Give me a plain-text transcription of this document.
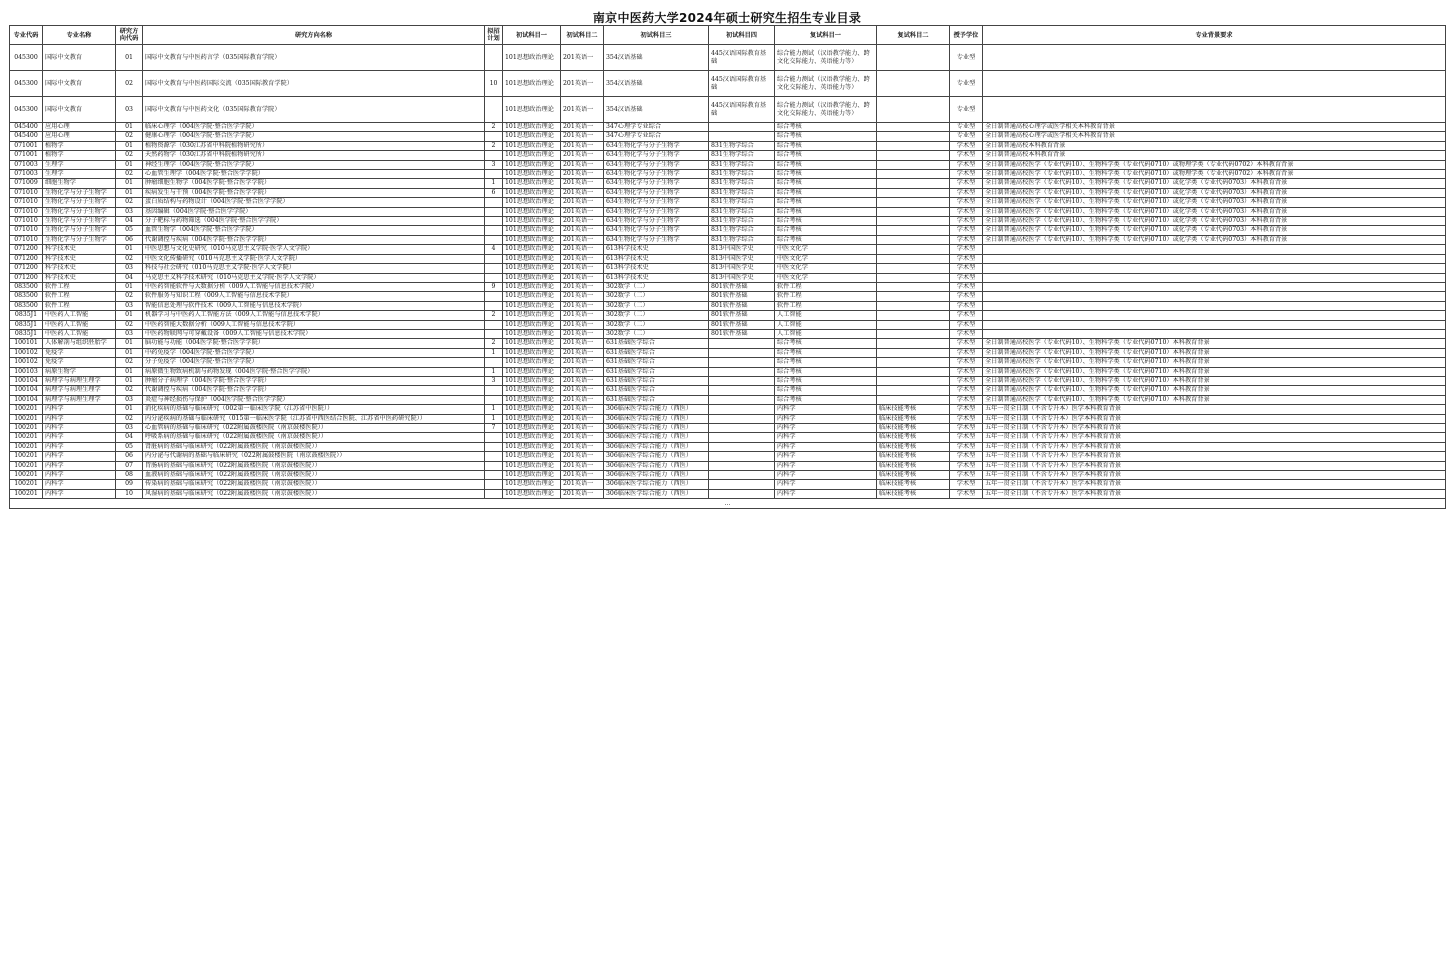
南京中医药大学2024年硕士研究生招生专业目录
专业代码	专业名称	研究方向代码	研究方向名称	拟招计划	初试科目一	初试科目二	初试科目三	初试科目四	复试科目一	复试科目二	授予学位	专业背景要求
045300	国际中文教育	01	国际中文教育与中医药言学（035国际教育学院）		101思想政治理论	201英语一	354汉语基础	445汉语国际教育基础	综合能力测试（汉语教学能力、跨文化交际能力、英语能力等）		专业型	
045300	国际中文教育	02	国际中文教育与中医药国际交流（035国际教育学院）	10	101思想政治理论	201英语一	354汉语基础	445汉语国际教育基础	综合能力测试（汉语教学能力、跨文化交际能力、英语能力等）		专业型	
045300	国际中文教育	03	国际中文教育与中医药文化（035国际教育学院）		101思想政治理论	201英语一	354汉语基础	445汉语国际教育基础	综合能力测试（汉语教学能力、跨文化交际能力、英语能力等）		专业型	
045400	应用心理	01	临床心理学（004医学院·整合医学学院）	2	101思想政治理论	201英语一	347心理学专业综合		综合考核		专业型	全日制普通高校心理学或医学相关本科教育背景
045400	应用心理	02	健康心理学（004医学院·整合医学学院）		101思想政治理论	201英语一	347心理学专业综合		综合考核		专业型	全日制普通高校心理学或医学相关本科教育背景
071001	植物学	01	植物资源学（030江苏省中科院植物研究所）	2	101思想政治理论	201英语一	634生物化学与分子生物学	831生物学综合	综合考核		学术型	全日制普通高校本科教育背景
071001	植物学	02	天然药物学（030江苏省中科院植物研究所）		101思想政治理论	201英语一	634生物化学与分子生物学	831生物学综合	综合考核		学术型	全日制普通高校本科教育背景
071003	生理学	01	神经生理学（004医学院·整合医学学院）	3	101思想政治理论	201英语一	634生物化学与分子生物学	831生物学综合	综合考核		学术型	全日制普通高校医学（专业代码10）、生物科学类（专业代码0710）或物理学类（专业代码0702）本科教育背景
071003	生理学	02	心血管生理学（004医学院·整合医学学院）		101思想政治理论	201英语一	634生物化学与分子生物学	831生物学综合	综合考核		学术型	全日制普通高校医学（专业代码10）、生物科学类（专业代码0710）或物理学类（专业代码0702）本科教育背景
071009	细胞生物学	01	肿瘤细胞生物学（004医学院·整合医学学院）	1	101思想政治理论	201英语一	634生物化学与分子生物学	831生物学综合	综合考核		学术型	全日制普通高校医学（专业代码10）、生物科学类（专业代码0710）或化学类（专业代码0703）本科教育背景
071010	生物化学与分子生物学	01	疾病发生与干预（004医学院·整合医学学院）	6	101思想政治理论	201英语一	634生物化学与分子生物学	831生物学综合	综合考核		学术型	全日制普通高校医学（专业代码10）、生物科学类（专业代码0710）或化学类（专业代码0703）本科教育背景
071010	生物化学与分子生物学	02	蛋白质结构与药物设计（004医学院·整合医学学院）		101思想政治理论	201英语一	634生物化学与分子生物学	831生物学综合	综合考核		学术型	全日制普通高校医学（专业代码10）、生物科学类（专业代码0710）或化学类（专业代码0703）本科教育背景
071010	生物化学与分子生物学	03	基因编辑（004医学院·整合医学学院）		101思想政治理论	201英语一	634生物化学与分子生物学	831生物学综合	综合考核		学术型	全日制普通高校医学（专业代码10）、生物科学类（专业代码0710）或化学类（专业代码0703）本科教育背景
071010	生物化学与分子生物学	04	分子靶标与药物筛选（004医学院·整合医学学院）		101思想政治理论	201英语一	634生物化学与分子生物学	831生物学综合	综合考核		学术型	全日制普通高校医学（专业代码10）、生物科学类（专业代码0710）或化学类（专业代码0703）本科教育背景
071010	生物化学与分子生物学	05	血管生物学（004医学院·整合医学学院）		101思想政治理论	201英语一	634生物化学与分子生物学	831生物学综合	综合考核		学术型	全日制普通高校医学（专业代码10）、生物科学类（专业代码0710）或化学类（专业代码0703）本科教育背景
071010	生物化学与分子生物学	06	代谢调控与疾病（004医学院·整合医学学院）		101思想政治理论	201英语一	634生物化学与分子生物学	831生物学综合	综合考核		学术型	全日制普通高校医学（专业代码10）、生物科学类（专业代码0710）或化学类（专业代码0703）本科教育背景
071200	科学技术史	01	中医思想与文化史研究（010马克思主义学院·医学人文学院）	4	101思想政治理论	201英语一	613科学技术史	813中国医学史	中医文化学		学术型	
071200	科学技术史	02	中医文化传播研究（010马克思主义学院·医学人文学院）		101思想政治理论	201英语一	613科学技术史	813中国医学史	中医文化学		学术型	
071200	科学技术史	03	科技与社会研究（010马克思主义学院·医学人文学院）		101思想政治理论	201英语一	613科学技术史	813中国医学史	中医文化学		学术型	
071200	科学技术史	04	马克思主义科学技术研究（010马克思主义学院·医学人文学院）		101思想政治理论	201英语一	613科学技术史	813中国医学史	中医文化学		学术型	
083500	软件工程	01	中医药智能软件与大数据分析（009人工智能与信息技术学院）	9	101思想政治理论	201英语一	302数学（二）	801软件基础	软件工程		学术型	
083500	软件工程	02	软件服务与知识工程（009人工智能与信息技术学院）		101思想政治理论	201英语一	302数学（二）	801软件基础	软件工程		学术型	
083500	软件工程	03	智能信息处理与软件技术（009人工智能与信息技术学院）		101思想政治理论	201英语一	302数学（二）	801软件基础	软件工程		学术型	
0835J1	中医药人工智能	01	机器学习与中医药人工智能方法（009人工智能与信息技术学院）	2	101思想政治理论	201英语一	302数学（二）	801软件基础	人工智能		学术型	
0835J1	中医药人工智能	02	中医药智能大数据分析（009人工智能与信息技术学院）		101思想政治理论	201英语一	302数学（二）	801软件基础	人工智能		学术型	
0835J1	中医药人工智能	03	中医药物联网与可穿戴设备（009人工智能与信息技术学院）		101思想政治理论	201英语一	302数学（二）	801软件基础	人工智能		学术型	
100101	人体解剖与组织胚胎学	01	脑功能与功能（004医学院·整合医学学院）	2	101思想政治理论	201英语一	631基础医学综合		综合考核		学术型	全日制普通高校医学（专业代码10）、生物科学类（专业代码0710）本科教育背景
100102	免疫学	01	中药免疫学（004医学院·整合医学学院）	1	101思想政治理论	201英语一	631基础医学综合		综合考核		学术型	全日制普通高校医学（专业代码10）、生物科学类（专业代码0710）本科教育背景
100102	免疫学	02	分子免疫学（004医学院·整合医学学院）		101思想政治理论	201英语一	631基础医学综合		综合考核		学术型	全日制普通高校医学（专业代码10）、生物科学类（专业代码0710）本科教育背景
100103	病原生物学	01	病原微生物致病机制与药物发现（004医学院·整合医学学院）	1	101思想政治理论	201英语一	631基础医学综合		综合考核		学术型	全日制普通高校医学（专业代码10）、生物科学类（专业代码0710）本科教育背景
100104	病理学与病理生理学	01	肿瘤分子病理学（004医学院·整合医学学院）	3	101思想政治理论	201英语一	631基础医学综合		综合考核		学术型	全日制普通高校医学（专业代码10）、生物科学类（专业代码0710）本科教育背景
100104	病理学与病理生理学	02	代谢调控与疾病（004医学院·整合医学学院）		101思想政治理论	201英语一	631基础医学综合		综合考核		学术型	全日制普通高校医学（专业代码10）、生物科学类（专业代码0710）本科教育背景
100104	病理学与病理生理学	03	炎症与神经损伤与保护（004医学院·整合医学学院）		101思想政治理论	201英语一	631基础医学综合		综合考核		学术型	全日制普通高校医学（专业代码10）、生物科学类（专业代码0710）本科教育背景
100201	内科学	01	消化疾病的基础与临床研究（002第一临床医学院（江苏省中医院））	1	101思想政治理论	201英语一	306临床医学综合能力（西医）		内科学	临床技能考核	学术型	五年一贯全日制（不含专升本）医学本科教育背景
100201	内科学	02	内分泌疾病的基础与临床研究（015第一临床医学院（江苏省中西医结合医院、江苏省中医药研究院））	1	101思想政治理论	201英语一	306临床医学综合能力（西医）		内科学	临床技能考核	学术型	五年一贯全日制（不含专升本）医学本科教育背景
100201	内科学	03	心血管病的基础与临床研究（022附属鼓楼医院（南京鼓楼医院））	7	101思想政治理论	201英语一	306临床医学综合能力（西医）		内科学	临床技能考核	学术型	五年一贯全日制（不含专升本）医学本科教育背景
100201	内科学	04	呼吸系病的基础与临床研究（022附属鼓楼医院（南京鼓楼医院））		101思想政治理论	201英语一	306临床医学综合能力（西医）		内科学	临床技能考核	学术型	五年一贯全日制（不含专升本）医学本科教育背景
100201	内科学	05	肾脏病的基础与临床研究（022附属鼓楼医院（南京鼓楼医院））		101思想政治理论	201英语一	306临床医学综合能力（西医）		内科学	临床技能考核	学术型	五年一贯全日制（不含专升本）医学本科教育背景
100201	内科学	06	内分泌与代谢病的基础与临床研究（022附属鼓楼医院（南京鼓楼医院））		101思想政治理论	201英语一	306临床医学综合能力（西医）		内科学	临床技能考核	学术型	五年一贯全日制（不含专升本）医学本科教育背景
100201	内科学	07	胃肠病的基础与临床研究（022附属鼓楼医院（南京鼓楼医院））		101思想政治理论	201英语一	306临床医学综合能力（西医）		内科学	临床技能考核	学术型	五年一贯全日制（不含专升本）医学本科教育背景
100201	内科学	08	血液病的基础与临床研究（022附属鼓楼医院（南京鼓楼医院））		101思想政治理论	201英语一	306临床医学综合能力（西医）		内科学	临床技能考核	学术型	五年一贯全日制（不含专升本）医学本科教育背景
100201	内科学	09	传染病的基础与临床研究（022附属鼓楼医院（南京鼓楼医院））		101思想政治理论	201英语一	306临床医学综合能力（西医）		内科学	临床技能考核	学术型	五年一贯全日制（不含专升本）医学本科教育背景
100201	内科学	10	风湿病的基础与临床研究（022附属鼓楼医院（南京鼓楼医院））		101思想政治理论	201英语一	306临床医学综合能力（西医）		内科学	临床技能考核	学术型	五年一贯全日制（不含专升本）医学本科教育背景
…												
